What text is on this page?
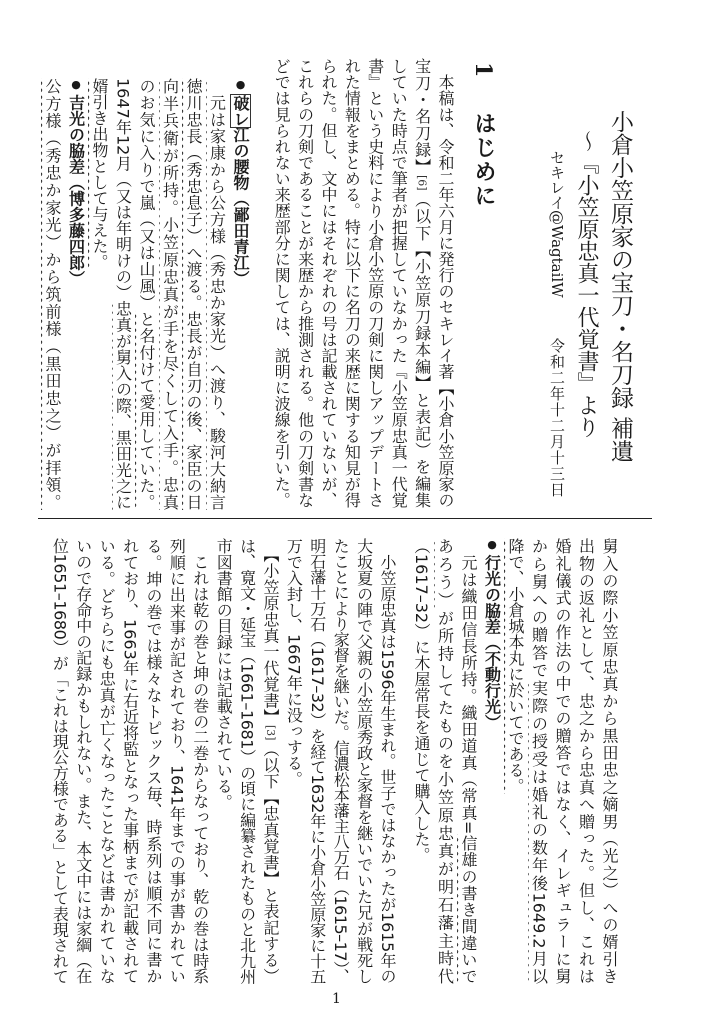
小倉小笠原家の宝刀・名刀録 補遺
～『小笠原忠真一代覚書』より
セキレイ@WagtailW
令和二年十二月十三日
1
はじめに
　本稿は、令和二年六月に発行のセキレイ著【小倉小笠原家の
宝刀・名刀録】[6]（以下【小笠原刀録本編】と表記）を編集
していた時点で筆者が把握していなかった『小笠原忠真一代覚
書』という史料により小倉小笠原の刀剣に関しアップデートさ
れた情報をまとめる。特に以下に名刀の来歴に関する知見が得
られた。但し、文中にはそれぞれの号は記載されていないが、
これらの刀剣であることが来歴から推測される。他の刀剣書な
どでは見られない来歴部分に関しては、説明に波線を引いた。
● 破レ江の腰物（鄙田青江）
　元は家康から公方様（秀忠か家光）へ渡り、駿河大納言
徳川忠長（秀忠息子）へ渡る。忠長が自刃の後、家臣の日
向半兵衛が所持。小笠原忠真が手を尽くして入手。忠真
のお気に入りで嵐（又は山風）と名付けて愛用していた。
1647年12月（又は年明けの）忠真が舅入の際、黒田光之に
婿引き出物として与えた。
● 吉光の脇差（博多藤四郎）
公方様（秀忠か家光）から筑前様（黒田忠之）が拝領。
舅入の際小笠原忠真から黒田忠之嫡男（光之）への婿引き
出物の返礼として、忠之から忠真へ贈った。但し、これは
婚礼儀式の作法の中での贈答ではなく、イレギュラーに舅
から舅への贈答で実際の授受は婚礼の数年後1649.2月以
降で、小倉城本丸に於いてである。
● 行光の脇差（不動行光）
　元は織田信長所持。織田道真（常真=信雄の書き間違いで
あろう）が所持してたものを小笠原忠真が明石藩主時代
（1617–32）に木屋常長を通じて購入した。
　小笠原忠真は1596年生まれ。世子ではなかったが1615年の
大坂夏の陣で父親の小笠原秀政と家督を継いでいた兄が戦死し
たことにより家督を継いだ。信濃松本藩主八万石（1615–17）、
明石藩十万石（1617–32）を経て1632年に小倉小笠原家に十五
万で入封し、1667年に没っする。
　【小笠原忠真一代覚書】[3]（以下【忠真覚書】と表記する）
は、寛文・延宝（1661–1681）の頃に編纂されたものと北九州
市図書館の目録には記載されている。
　これは乾の巻と坤の巻の二巻からなっており、乾の巻は時系
列順に出来事が記されており、1641年までの事が書かれてい
る。坤の巻では様々なトピックス毎、時系列は順不同に書か
れており、1663年に右近将監となった事柄までが記載されて
いる。どちらにも忠真が亡くなったことなどは書かれていな
いので存命中の記録かもしれない。また、本文中には家綱（在
位1651–1680）が「これは現公方様である」として表現されて
1
